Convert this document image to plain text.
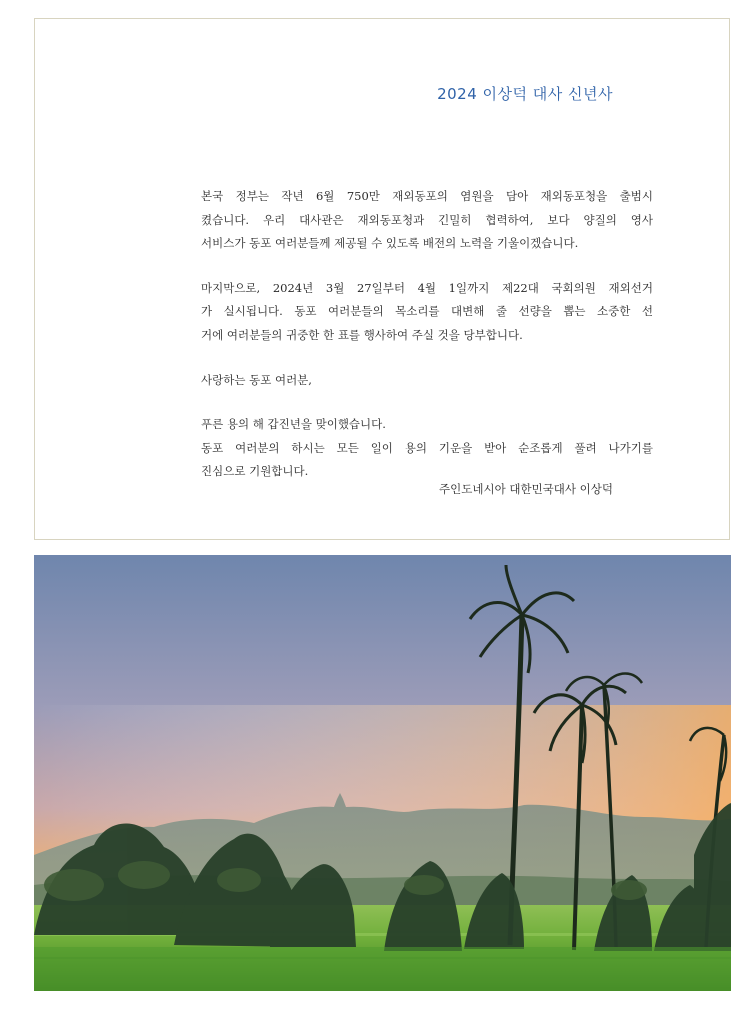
2024 이상덕 대사 신년사

본국 정부는 작년 6월 750만 재외동포의 염원을 담아 재외동포청을 출범시
켰습니다. 우리 대사관은 재외동포청과 긴밀히 협력하여, 보다 양질의 영사
서비스가 동포 여러분들께 제공될 수 있도록 배전의 노력을 기울이겠습니다.

마지막으로, 2024년 3월 27일부터 4월 1일까지 제22대 국회의원 재외선거
가 실시됩니다. 동포 여러분들의 목소리를 대변해 줄 선량을 뽑는 소중한 선
거에 여러분들의 귀중한 한 표를 행사하여 주실 것을 당부합니다.

사랑하는 동포 여러분,

푸른 용의 해 갑진년을 맞이했습니다.
동포 여러분의 하시는 모든 일이 용의 기운을 받아 순조롭게 풀려 나가기를
진심으로 기원합니다.

주인도네시아 대한민국대사 이상덕
